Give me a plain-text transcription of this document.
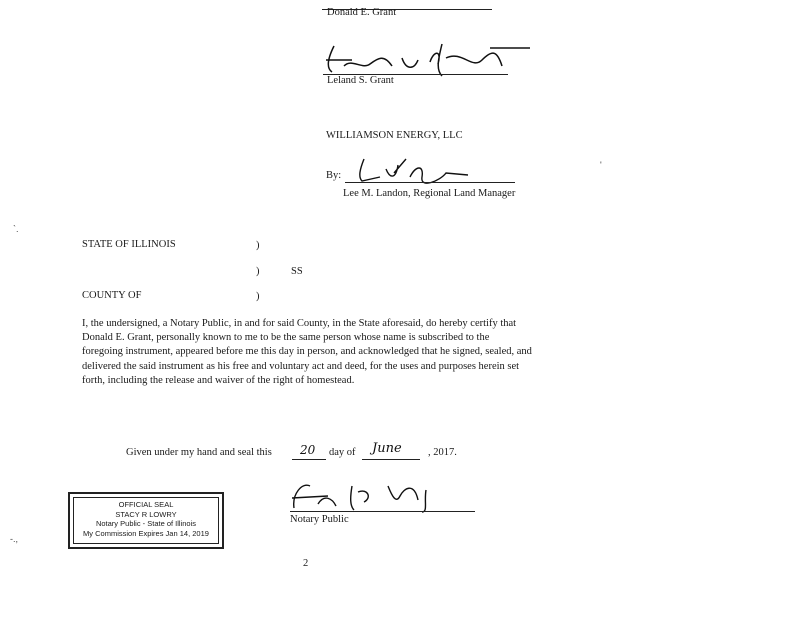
Donald E. Grant
Leland S. Grant
WILLIAMSON ENERGY, LLC
By:
Lee M. Landon, Regional Land Manager
STATE OF ILLINOIS	)
)	SS
COUNTY OF	)
I, the undersigned, a Notary Public, in and for said County, in the State aforesaid, do hereby certify that Donald E. Grant, personally known to me to be the same person whose name is subscribed to the foregoing instrument, appeared before me this day in person, and acknowledged that he signed, sealed, and delivered the said instrument as his free and voluntary act and deed, for the uses and purposes herein set forth, including the release and waiver of the right of homestead.
Given under my hand and seal this 20 day of June	, 2017.
Notary Public
OFFICIAL SEAL
STACY R LOWRY
Notary Public - State of Illinois
My Commission Expires Jan 14, 2019
2
`.
-.,
'
